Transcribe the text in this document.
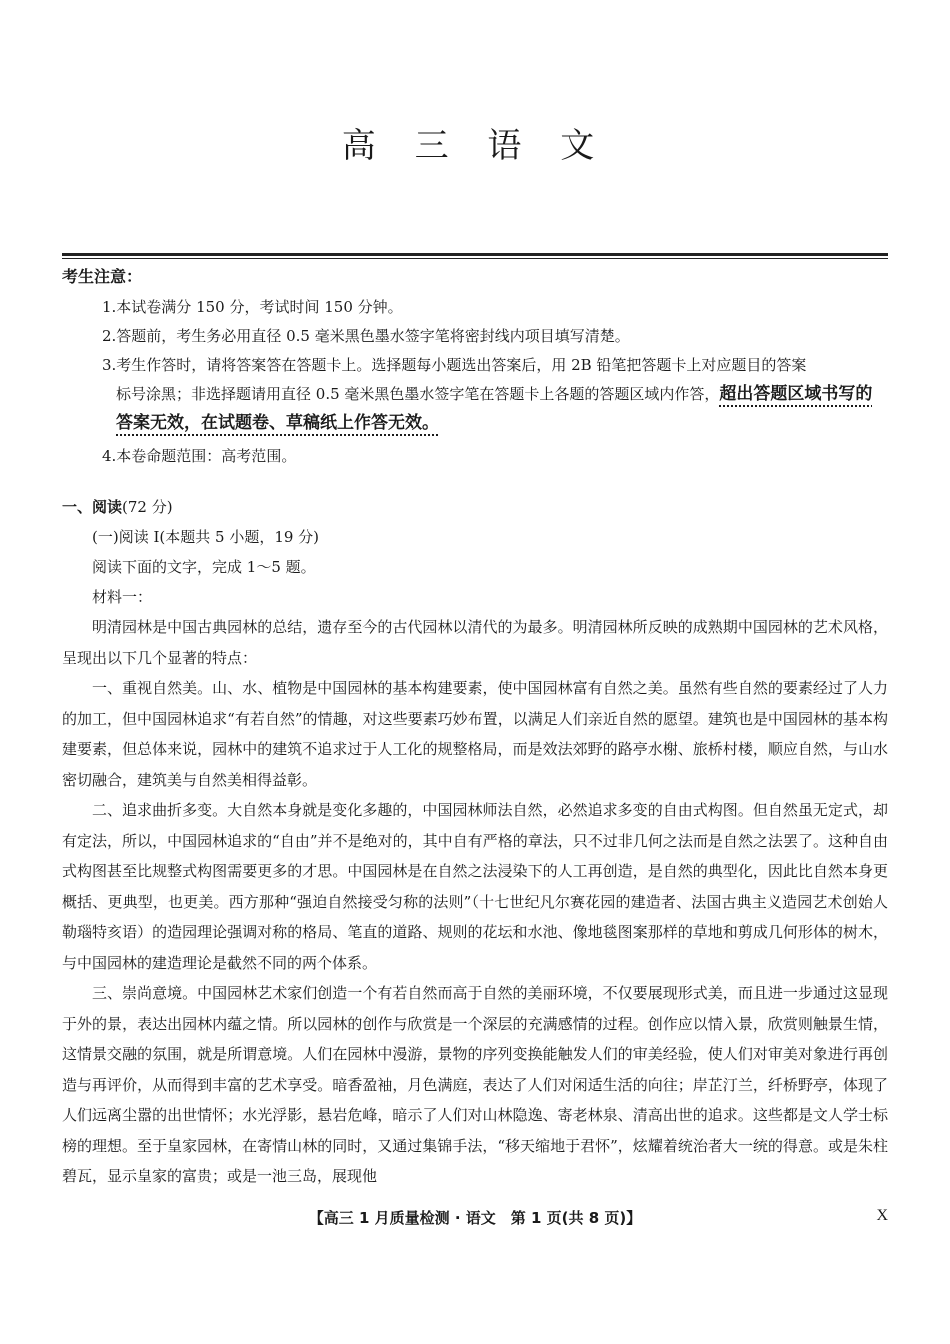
高 三 语 文
考生注意：
1.本试卷满分 150 分，考试时间 150 分钟。
2.答题前，考生务必用直径 0.5 毫米黑色墨水签字笔将密封线内项目填写清楚。
3.考生作答时，请将答案答在答题卡上。选择题每小题选出答案后，用 2B 铅笔把答题卡上对应题目的答案
标号涂黑；非选择题请用直径 0.5 毫米黑色墨水签字笔在答题卡上各题的答题区域内作答，超出答题区域书写的答案无效，在试题卷、草稿纸上作答无效。
4.本卷命题范围：高考范围。
一、阅读(72 分)
(一)阅读 Ⅰ(本题共 5 小题，19 分)
阅读下面的文字，完成 1～5 题。
材料一：

明清园林是中国古典园林的总结，遗存至今的古代园林以清代的为最多。明清园林所反映的成熟期中国园林的艺术风格，呈现出以下几个显著的特点：

一、重视自然美。山、水、植物是中国园林的基本构建要素，使中国园林富有自然之美。虽然有些自然的要素经过了人力的加工，但中国园林追求“有若自然”的情趣，对这些要素巧妙布置，以满足人们亲近自然的愿望。建筑也是中国园林的基本构建要素，但总体来说，园林中的建筑不追求过于人工化的规整格局，而是效法郊野的路亭水榭、旅桥村楼，顺应自然，与山水密切融合，建筑美与自然美相得益彰。

二、追求曲折多变。大自然本身就是变化多趣的，中国园林师法自然，必然追求多变的自由式构图。但自然虽无定式，却有定法，所以，中国园林追求的“自由”并不是绝对的，其中自有严格的章法，只不过非几何之法而是自然之法罢了。这种自由式构图甚至比规整式构图需要更多的才思。中国园林是在自然之法浸染下的人工再创造，是自然的典型化，因此比自然本身更概括、更典型，也更美。西方那种“强迫自然接受匀称的法则”（十七世纪凡尔赛花园的建造者、法国古典主义造园艺术创始人勒瑙特亥语）的造园理论强调对称的格局、笔直的道路、规则的花坛和水池、像地毯图案那样的草地和剪成几何形体的树木，与中国园林的建造理论是截然不同的两个体系。

三、崇尚意境。中国园林艺术家们创造一个有若自然而高于自然的美丽环境，不仅要展现形式美，而且进一步通过这显现于外的景，表达出园林内蕴之情。所以园林的创作与欣赏是一个深层的充满感情的过程。创作应以情入景，欣赏则触景生情，这情景交融的氛围，就是所谓意境。人们在园林中漫游，景物的序列变换能触发人们的审美经验，使人们对审美对象进行再创造与再评价，从而得到丰富的艺术享受。暗香盈袖，月色满庭，表达了人们对闲适生活的向往；岸芷汀兰，纤桥野亭，体现了人们远离尘嚣的出世情怀；水光浮影，悬岩危峰，暗示了人们对山林隐逸、寄老林泉、清高出世的追求。这些都是文人学士标榜的理想。至于皇家园林，在寄情山林的同时，又通过集锦手法，“移天缩地于君怀”，炫耀着统治者大一统的得意。或是朱柱碧瓦，显示皇家的富贵；或是一池三岛，展现他

【高三 1 月质量检测 · 语文　第 1 页(共 8 页)】	X
